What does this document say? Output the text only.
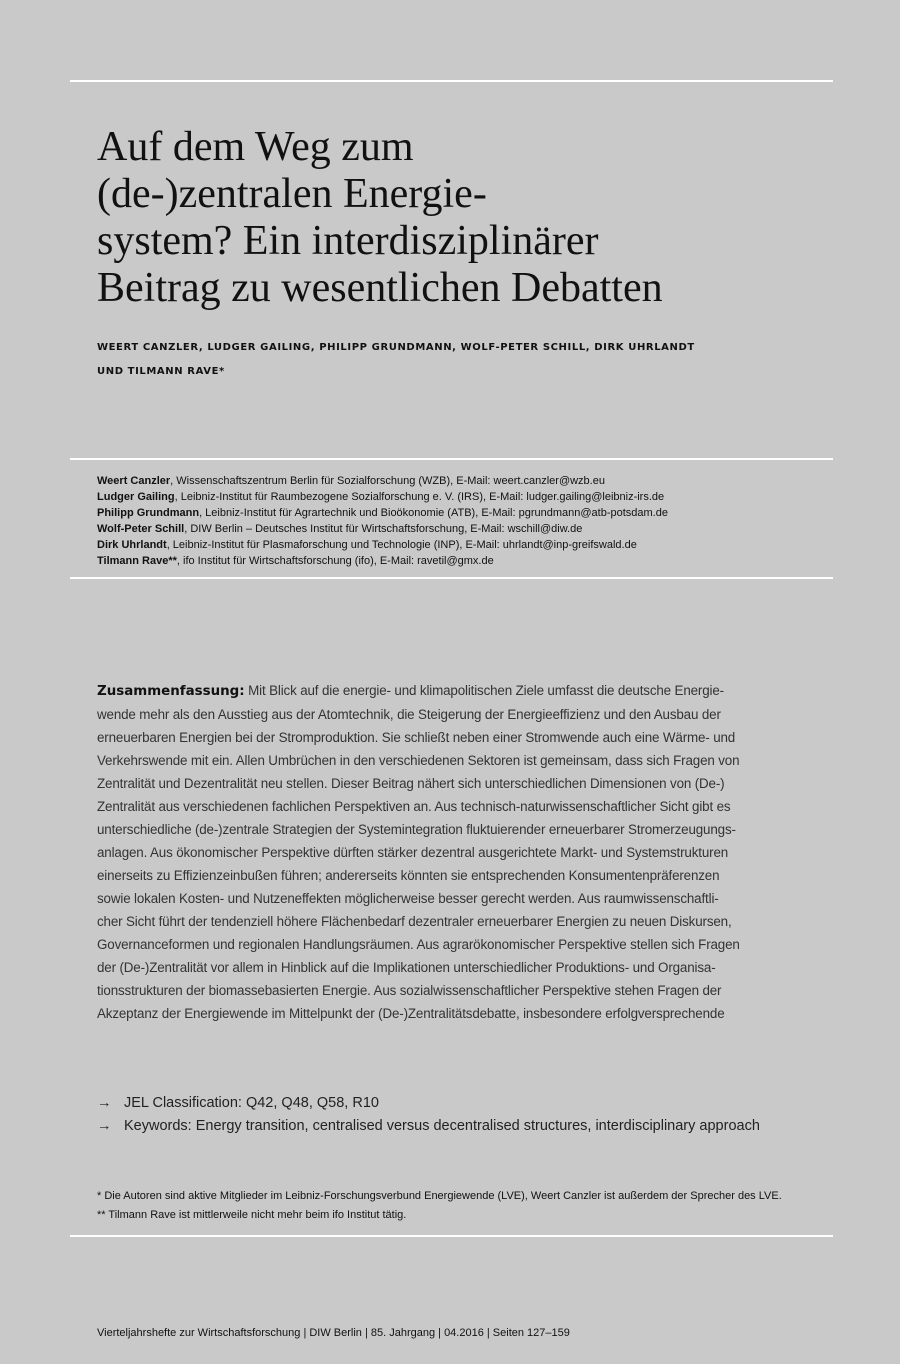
Auf dem Weg zum
(de-)zentralen Energie-
system? Ein interdisziplinärer
Beitrag zu wesentlichen Debatten
WEERT CANZLER, LUDGER GAILING, PHILIPP GRUNDMANN, WOLF-PETER SCHILL, DIRK UHRLANDT
UND TILMANN RAVE*
Weert Canzler, Wissenschaftszentrum Berlin für Sozialforschung (WZB), E-Mail: weert.canzler@wzb.eu
Ludger Gailing, Leibniz-Institut für Raumbezogene Sozialforschung e. V. (IRS), E-Mail: ludger.gailing@leibniz-irs.de
Philipp Grundmann, Leibniz-Institut für Agrartechnik und Bioökonomie (ATB), E-Mail: pgrundmann@atb-potsdam.de
Wolf-Peter Schill, DIW Berlin – Deutsches Institut für Wirtschaftsforschung, E-Mail: wschill@diw.de
Dirk Uhrlandt, Leibniz-Institut für Plasmaforschung und Technologie (INP), E-Mail: uhrlandt@inp-greifswald.de
Tilmann Rave**, ifo Institut für Wirtschaftsforschung (ifo), E-Mail: ravetil@gmx.de
Zusammenfassung: Mit Blick auf die energie- und klimapolitischen Ziele umfasst die deutsche Energie-
wende mehr als den Ausstieg aus der Atomtechnik, die Steigerung der Energieeffizienz und den Ausbau der
erneuerbaren Energien bei der Stromproduktion. Sie schließt neben einer Stromwende auch eine Wärme- und
Verkehrswende mit ein. Allen Umbrüchen in den verschiedenen Sektoren ist gemeinsam, dass sich Fragen von
Zentralität und Dezentralität neu stellen. Dieser Beitrag nähert sich unterschiedlichen Dimensionen von (De-)
Zentralität aus verschiedenen fachlichen Perspektiven an. Aus technisch-naturwissenschaftlicher Sicht gibt es
unterschiedliche (de-)zentrale Strategien der Systemintegration fluktuierender erneuerbarer Stromerzeugungs-
anlagen. Aus ökonomischer Perspektive dürften stärker dezentral ausgerichtete Markt- und Systemstrukturen
einerseits zu Effizienzeinbußen führen; andererseits könnten sie entsprechenden Konsumentenpräferenzen
sowie lokalen Kosten- und Nutzeneffekten möglicherweise besser gerecht werden. Aus raumwissenschaftli-
cher Sicht führt der tendenziell höhere Flächenbedarf dezentraler erneuerbarer Energien zu neuen Diskursen,
Governanceformen und regionalen Handlungsräumen. Aus agrarökonomischer Perspektive stellen sich Fragen
der (De-)Zentralität vor allem in Hinblick auf die Implikationen unterschiedlicher Produktions- und Organisa-
tionsstrukturen der biomassebasierten Energie. Aus sozialwissenschaftlicher Perspektive stehen Fragen der
Akzeptanz der Energiewende im Mittelpunkt der (De-)Zentralitätsdebatte, insbesondere erfolgversprechende
→ JEL Classification: Q42, Q48, Q58, R10
→ Keywords: Energy transition, centralised versus decentralised structures, interdisciplinary approach
* Die Autoren sind aktive Mitglieder im Leibniz-Forschungsverbund Energiewende (LVE), Weert Canzler ist außerdem der Sprecher des LVE.
** Tilmann Rave ist mittlerweile nicht mehr beim ifo Institut tätig.
Vierteljahrshefte zur Wirtschaftsforschung | DIW Berlin | 85. Jahrgang | 04.2016 | Seiten 127–159
